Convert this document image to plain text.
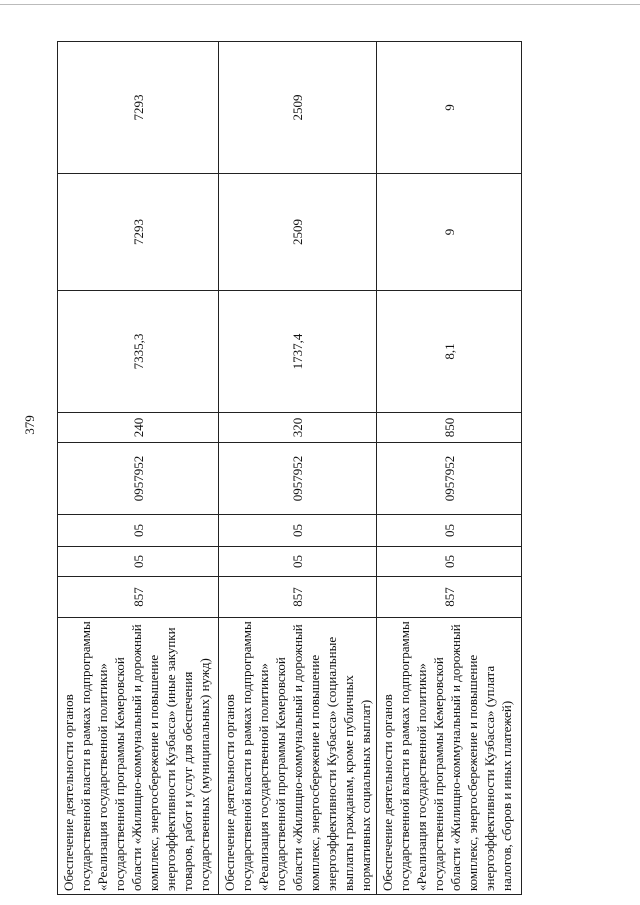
379
Обеспечение деятельности органов государственной власти в рамках подпрограммы «Реализация государственной политики» государственной программы Кемеровской области «Жилищно-коммунальный и дорожный комплекс, энергосбережение и повышение энергоэффективности Кузбасса» (иные закупки товаров, работ и услуг для обеспечения государственных (муниципальных) нужд)	857	05	05	0957952	240	7335,3	7293	7293
Обеспечение деятельности органов государственной власти в рамках подпрограммы «Реализация государственной политики» государственной программы Кемеровской области «Жилищно-коммунальный и дорожный комплекс, энергосбережение и повышение энергоэффективности Кузбасса» (социальные выплаты гражданам, кроме публичных нормативных социальных выплат)	857	05	05	0957952	320	1737,4	2509	2509
Обеспечение деятельности органов государственной власти в рамках подпрограммы «Реализация государственной политики» государственной программы Кемеровской области «Жилищно-коммунальный и дорожный комплекс, энергосбережение и повышение энергоэффективности Кузбасса» (уплата налогов, сборов и иных платежей)	857	05	05	0957952	850	8,1	9	9
